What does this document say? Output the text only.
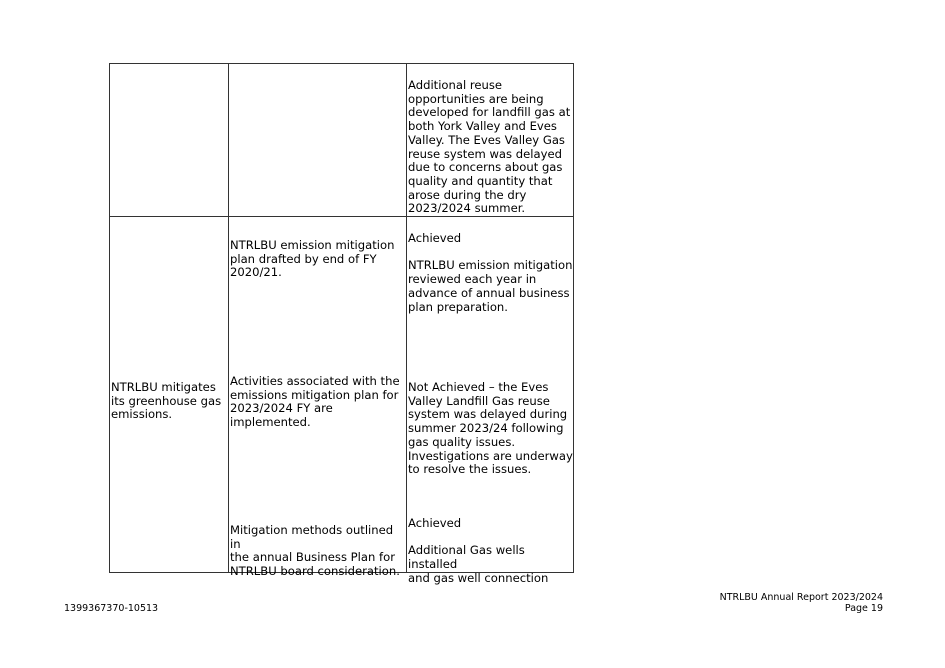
Additional reuse
opportunities are being
developed for landfill gas at
both York Valley and Eves
Valley. The Eves Valley Gas
reuse system was delayed
due to concerns about gas
quality and quantity that
arose during the dry
2023/2024 summer.
NTRLBU mitigates
its greenhouse gas
emissions.
NTRLBU emission mitigation
plan drafted by end of FY
2020/21.
Achieved

NTRLBU emission mitigation
reviewed each year in
advance of annual business
plan preparation.
Activities associated with the
emissions mitigation plan for
2023/2024 FY are
implemented.
Not Achieved – the Eves
Valley Landfill Gas reuse
system was delayed during
summer 2023/24 following
gas quality issues.
Investigations are underway
to resolve the issues.
Mitigation methods outlined in
the annual Business Plan for
NTRLBU board consideration.
Achieved

Additional Gas wells installed
and gas well connection
1399367370-10513
NTRLBU Annual Report 2023/2024
Page 19
